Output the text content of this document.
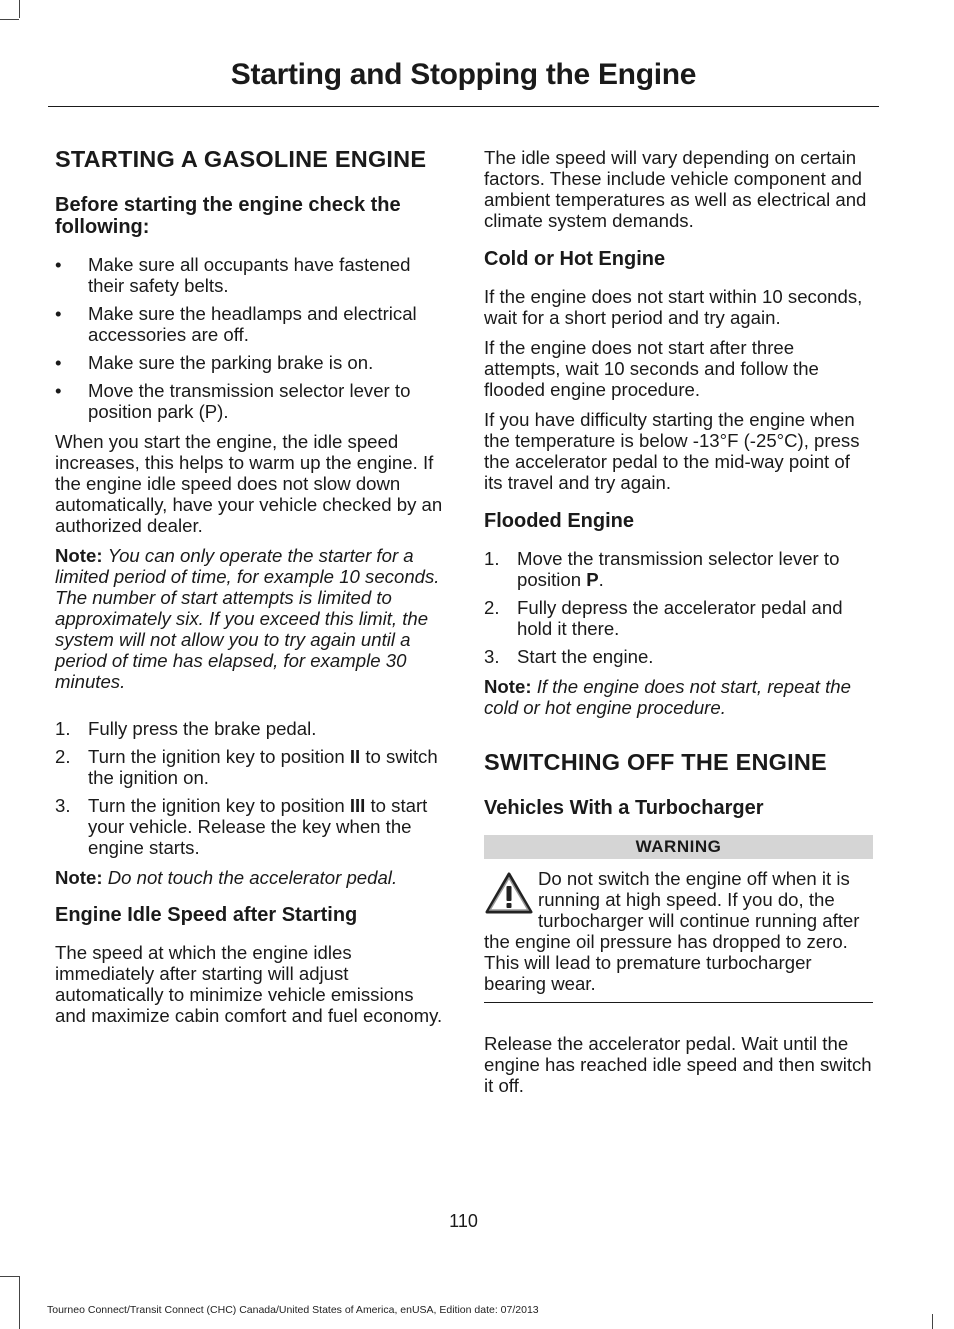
Starting and Stopping the Engine
STARTING A GASOLINE ENGINE
Before starting the engine check the following:
• Make sure all occupants have fastened their safety belts.
• Make sure the headlamps and electrical accessories are off.
• Make sure the parking brake is on.
• Move the transmission selector lever to position park (P).

When you start the engine, the idle speed increases, this helps to warm up the engine. If the engine idle speed does not slow down automatically, have your vehicle checked by an authorized dealer.

Note: You can only operate the starter for a limited period of time, for example 10 seconds. The number of start attempts is limited to approximately six. If you exceed this limit, the system will not allow you to try again until a period of time has elapsed, for example 30 minutes.

1. Fully press the brake pedal.
2. Turn the ignition key to position II to switch the ignition on.
3. Turn the ignition key to position III to start your vehicle. Release the key when the engine starts.

Note: Do not touch the accelerator pedal.

Engine Idle Speed after Starting

The speed at which the engine idles immediately after starting will adjust automatically to minimize vehicle emissions and maximize cabin comfort and fuel economy.

The idle speed will vary depending on certain factors. These include vehicle component and ambient temperatures as well as electrical and climate system demands.

Cold or Hot Engine

If the engine does not start within 10 seconds, wait for a short period and try again.

If the engine does not start after three attempts, wait 10 seconds and follow the flooded engine procedure.

If you have difficulty starting the engine when the temperature is below -13°F (-25°C), press the accelerator pedal to the mid-way point of its travel and try again.

Flooded Engine
1. Move the transmission selector lever to position P.
2. Fully depress the accelerator pedal and hold it there.
3. Start the engine.

Note: If the engine does not start, repeat the cold or hot engine procedure.

SWITCHING OFF THE ENGINE
Vehicles With a Turbocharger
WARNING

Do not switch the engine off when it is running at high speed. If you do, the turbocharger will continue running after the engine oil pressure has dropped to zero. This will lead to premature turbocharger bearing wear.

Release the accelerator pedal. Wait until the engine has reached idle speed and then switch it off.

110
Tourneo Connect/Transit Connect (CHC) Canada/United States of America, enUSA, Edition date: 07/2013
